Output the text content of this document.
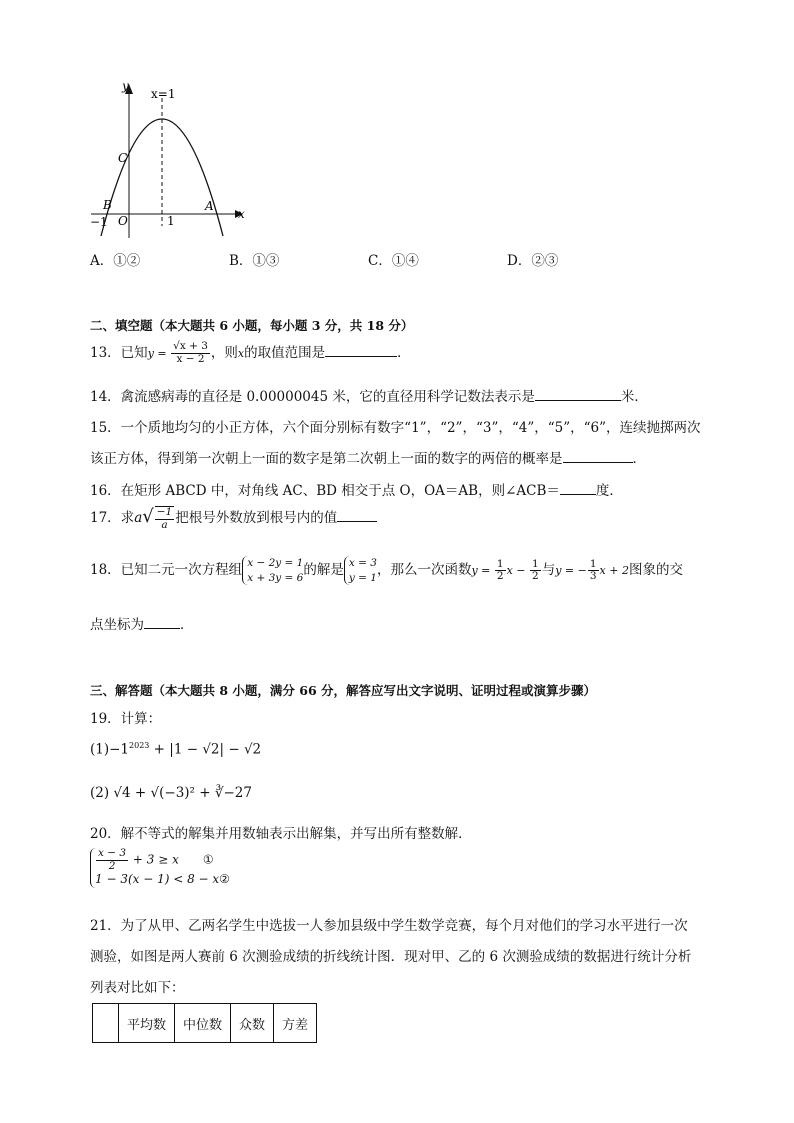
y
x
x=1
C
B	A
O	1
−1
A．①②	B．①③	C．①④	D．②③
二、填空题（本大题共 6 小题，每小题 3 分，共 18 分）
13．已知$y = \frac{√x + 3}{x - 2}$ ，则x的取值范围是	．
14．禽流感病毒的直径是 0.00000045 米，它的直径用科学记数法表示是	米．
15．一个质地均匀的小正方体，六个面分别标有数字“1”，“2”，“3”，“4”，“5”，“6”，连续抛掷两次
该正方体，得到第一次朝上一面的数字是第二次朝上一面的数字的两倍的概率是	．
16．在矩形 ABCD 中，对角线 AC、BD 相交于点 O，OA＝AB，则∠ACB＝	度．
17．求$a√ \frac{-1}{a}$ 把根号外数放到根号内的值
18．已知二元一次方程组 x − 2y = 1
x + 3y = 6 的解是 x = 3
y = 1 ，那么一次函数$y = \frac{1}{2}$ $x - \frac{1}{2}$ 与y = − $\frac{1}{3}$ x + 2图象的交
点坐标为	．
三、解答题（本大题共 8 小题，满分 66 分，解答应写出文字说明、证明过程或演算步骤）
19．计算：
$(1)-1^{2023} + |1 - √2| - √2$
(2) √4 + √(−3)² + ∛−27
20．解不等式的解集并用数轴表示出解集，并写出所有整数解．
$\frac{x - 3}{2} + 3 \ge x$ ①
1 − 3(x − 1) < 8 − x②
21．为了从甲、乙两名学生中选拔一人参加县级中学生数学竞赛，每个月对他们的学习水平进行一次
测验，如图是两人赛前 6 次测验成绩的折线统计图．现对甲、乙的 6 次测验成绩的数据进行统计分析
列表对比如下：
	平均数	中位数	众数	方差
